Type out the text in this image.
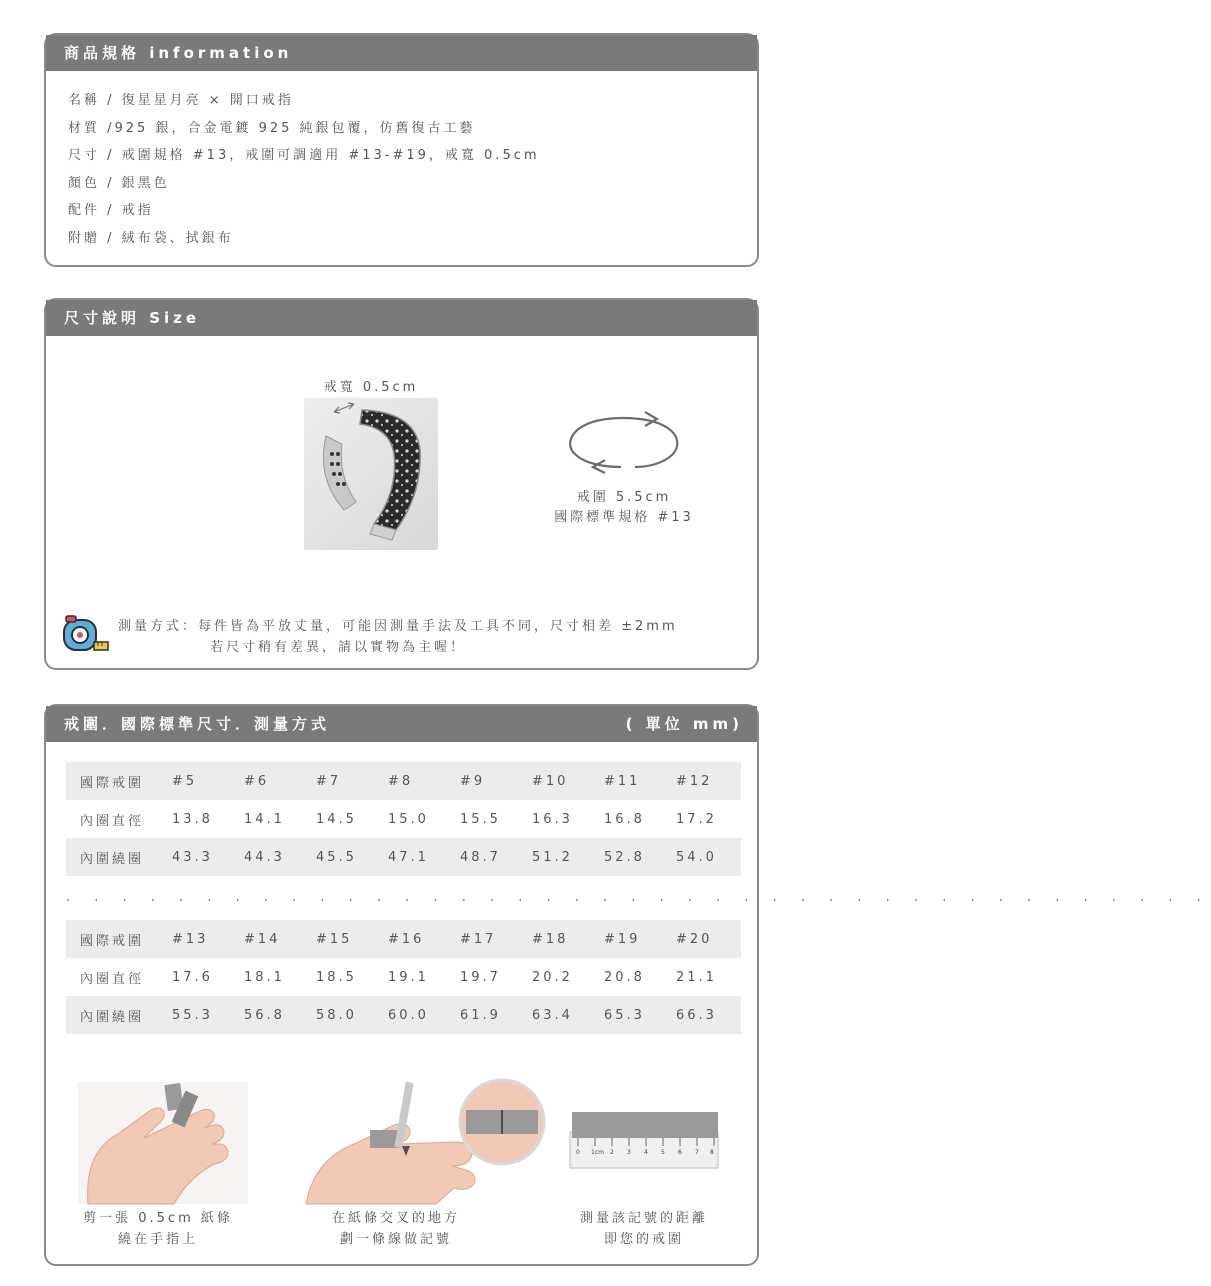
商品規格 information
名稱 / 復星星月亮 × 開口戒指
材質 /925 銀，合金電鍍 925 純銀包覆，仿舊復古工藝
尺寸 / 戒圍規格 #13，戒圍可調適用 #13-#19，戒寬 0.5cm
顏色 / 銀黑色
配件 / 戒指
附贈 / 絨布袋、拭銀布
尺寸說明 Size
戒寬 0.5cm
戒圍 5.5cm
國際標準規格 #13
測量方式：每件皆為平放丈量，可能因測量手法及工具不同，尺寸相差 ±2mm
若尺寸稍有差異，請以實物為主喔！
戒圍．國際標準尺寸．測量方式	( 單位 mm)
國際戒圍	#5	#6	#7	#8	#9	#10	#11	#12
內圈直徑	13.8	14.1	14.5	15.0	15.5	16.3	16.8	17.2
內圍繞圈	43.3	44.3	45.5	47.1	48.7	51.2	52.8	54.0
. . . . . . . . . . . . . . . . . . . . . . . . . . . . . . . . . . . . . . . . .
國際戒圍	#13	#14	#15	#16	#17	#18	#19	#20
內圈直徑	17.6	18.1	18.5	19.1	19.7	20.2	20.8	21.1
內圍繞圈	55.3	56.8	58.0	60.0	61.9	63.4	65.3	66.3
0 1cm 2 3 4 5 6 7 8
剪一張 0.5cm 紙條
繞在手指上
在紙條交叉的地方
劃一條線做記號
測量該記號的距離
即您的戒圍
